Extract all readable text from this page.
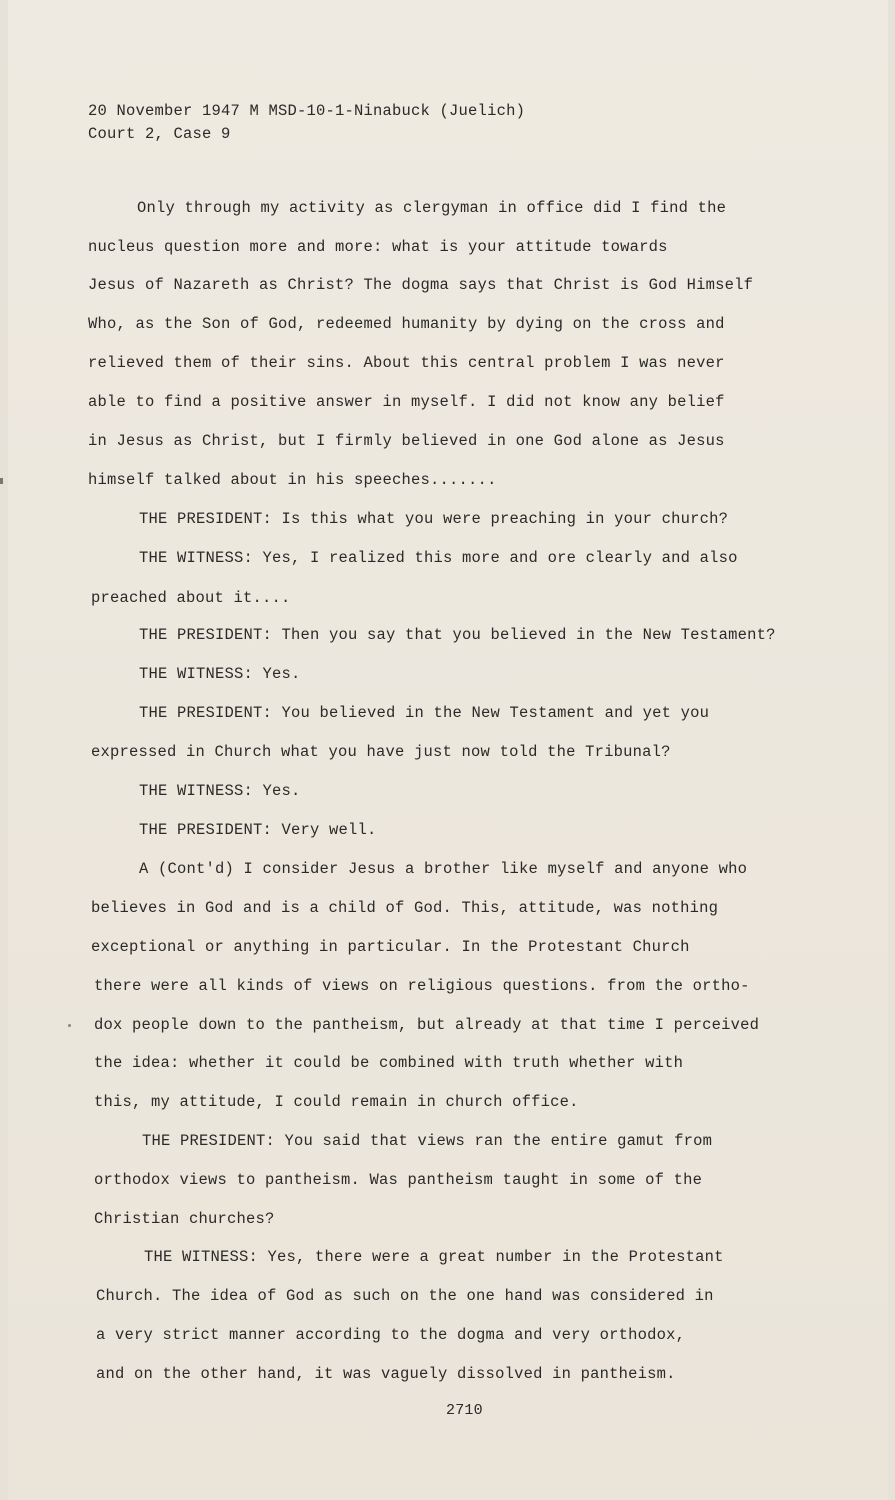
20 November 1947 M MSD-10-1-Ninabuck (Juelich)
Court 2, Case 9
Only through my activity as clergyman in office did I find the
nucleus question more and more: what is your attitude towards
Jesus of Nazareth as Christ? The dogma says that Christ is God Himself
Who, as the Son of God, redeemed humanity by dying on the cross and
relieved them of their sins. About this central problem I was never
able to find a positive answer in myself. I did not know any belief
in Jesus as Christ, but I firmly believed in one God alone as Jesus
himself talked about in his speeches.......
THE PRESIDENT: Is this what you were preaching in your church?
THE WITNESS: Yes, I realized this more and ore clearly and also
preached about it....
THE PRESIDENT: Then you say that you believed in the New Testament?
THE WITNESS: Yes.
THE PRESIDENT: You believed in the New Testament and yet you
expressed in Church what you have just now told the Tribunal?
THE WITNESS: Yes.
THE PRESIDENT: Very well.
A (Cont'd) I consider Jesus a brother like myself and anyone who
believes in God and is a child of God. This, attitude, was nothing
exceptional or anything in particular. In the Protestant Church
there were all kinds of views on religious questions. from the ortho-
dox people down to the pantheism, but already at that time I perceived
the idea: whether it could be combined with truth whether with
this, my attitude, I could remain in church office.
THE PRESIDENT: You said that views ran the entire gamut from
orthodox views to pantheism. Was pantheism taught in some of the
Christian churches?
THE WITNESS: Yes, there were a great number in the Protestant
Church. The idea of God as such on the one hand was considered in
a very strict manner according to the dogma and very orthodox,
and on the other hand, it was vaguely dissolved in pantheism.
2710
